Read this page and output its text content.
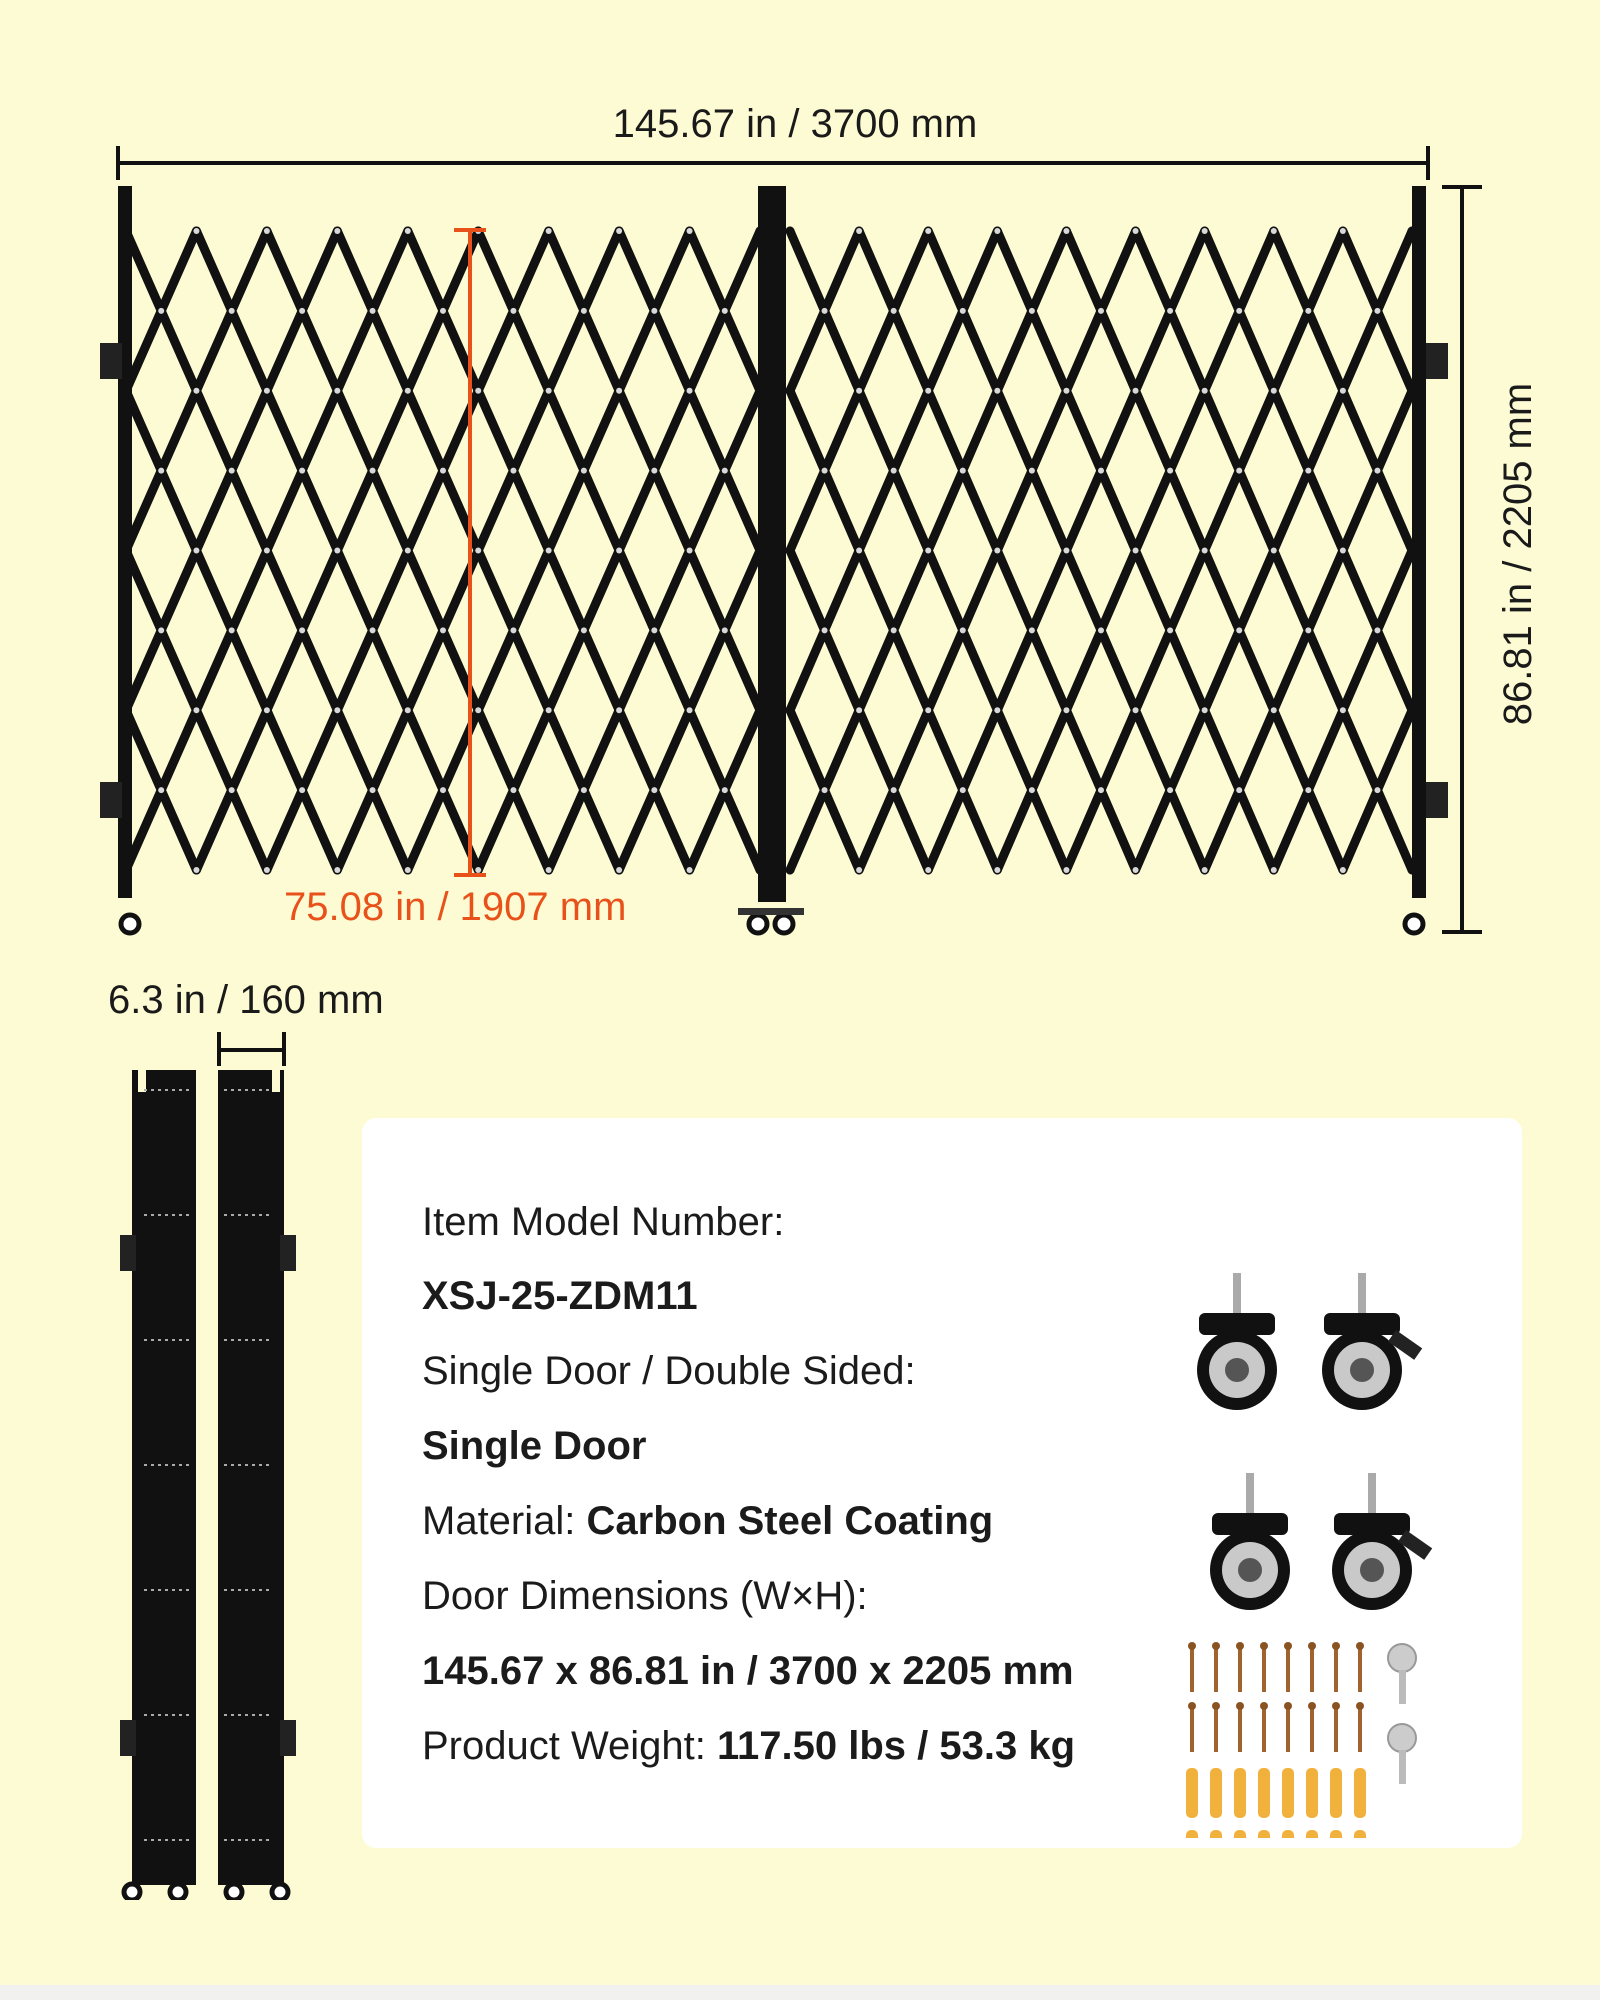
145.67 in / 3700 mm
86.81 in / 2205 mm
75.08 in / 1907 mm
6.3 in / 160 mm
Item Model Number:
XSJ-25-ZDM11
Single Door / Double Sided:
Single Door
Material: Carbon Steel Coating
Door Dimensions (W×H):
145.67 x 86.81 in / 3700 x 2205 mm
Product Weight: 117.50 lbs / 53.3 kg
